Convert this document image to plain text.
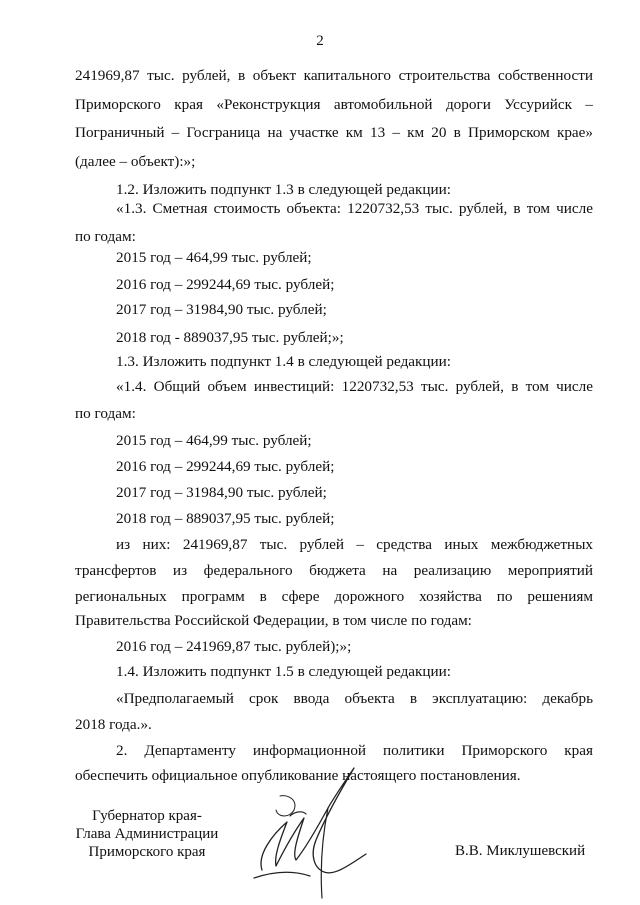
2
241969,87 тыс. рублей, в объект капитального строительства собственности
Приморского края «Реконструкция автомобильной дороги Уссурийск –
Пограничный – Госграница на участке км 13 – км 20 в Приморском крае»
(далее – объект):»;
1.2. Изложить подпункт 1.3 в следующей редакции:
«1.3. Сметная стоимость объекта: 1220732,53 тыс. рублей, в том числе
по годам:
2015 год – 464,99 тыс. рублей;
2016 год – 299244,69 тыс. рублей;
2017 год – 31984,90 тыс. рублей;
2018 год - 889037,95 тыс. рублей;»;
1.3. Изложить подпункт 1.4 в следующей редакции:
«1.4. Общий объем инвестиций: 1220732,53 тыс. рублей, в том числе
по годам:
2015 год – 464,99 тыс. рублей;
2016 год – 299244,69 тыс. рублей;
2017 год – 31984,90 тыс. рублей;
2018 год – 889037,95 тыс. рублей;
из них: 241969,87 тыс. рублей – средства иных межбюджетных
трансфертов из федерального бюджета на реализацию мероприятий
региональных программ в сфере дорожного хозяйства по решениям
Правительства Российской Федерации, в том числе по годам:
2016 год – 241969,87 тыс. рублей);»;
1.4. Изложить подпункт 1.5 в следующей редакции:
«Предполагаемый срок ввода объекта в эксплуатацию: декабрь
2018 года.».
2. Департаменту информационной политики Приморского края
обеспечить официальное опубликование настоящего постановления.
Губернатор края-
Глава Администрации
Приморского края	В.В. Миклушевский
